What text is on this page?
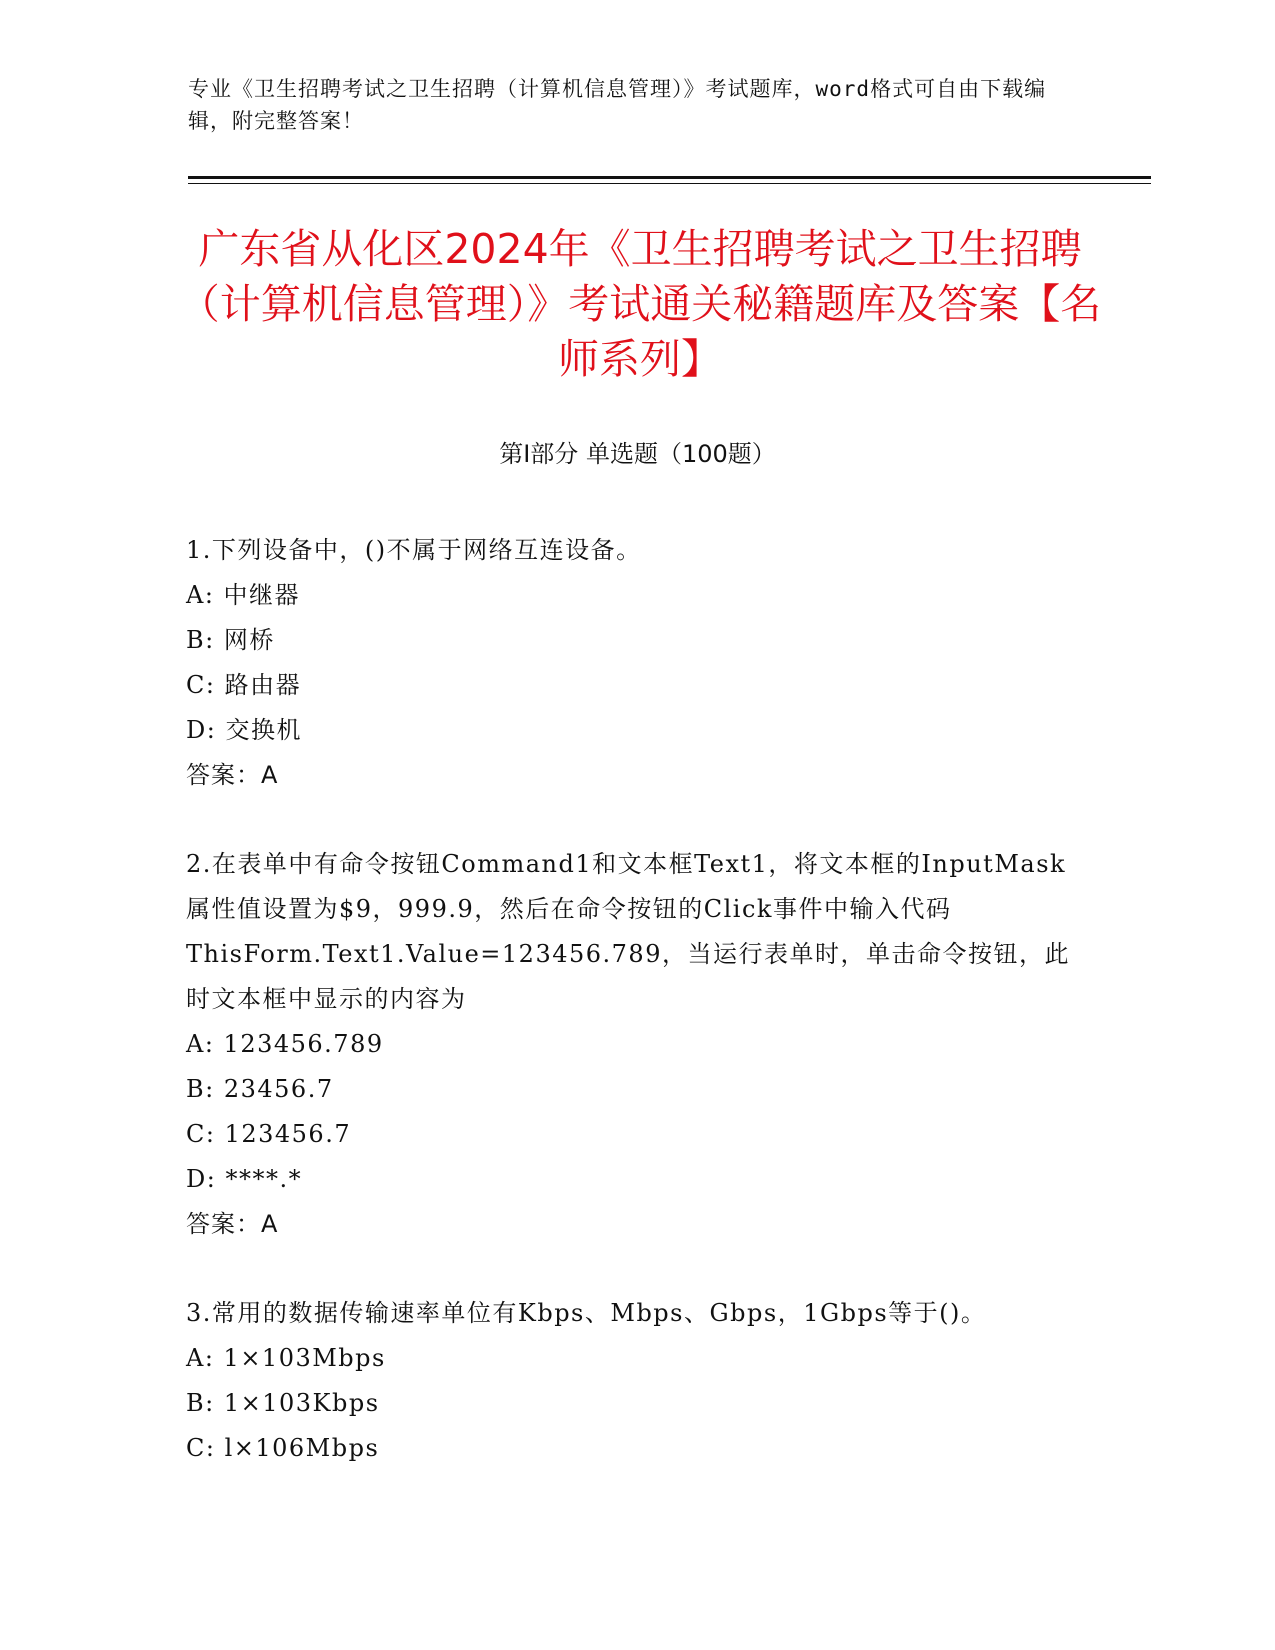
专业《卫生招聘考试之卫生招聘（计算机信息管理）》考试题库，word格式可自由下载编辑，附完整答案！
广东省从化区2024年《卫生招聘考试之卫生招聘（计算机信息管理）》考试通关秘籍题库及答案【名师系列】
第I部分 单选题（100题）
1.下列设备中，()不属于网络互连设备。
A: 中继器
B: 网桥
C: 路由器
D: 交换机
答案：A
2.在表单中有命令按钮Command1和文本框Text1，将文本框的InputMask属性值设置为$9，999.9，然后在命令按钮的Click事件中输入代码ThisForm.Text1.Value=123456.789，当运行表单时，单击命令按钮，此时文本框中显示的内容为
A: 123456.789
B: 23456.7
C: 123456.7
D: ****.*
答案：A
3.常用的数据传输速率单位有Kbps、Mbps、Gbps，1Gbps等于()。
A: 1×103Mbps
B: 1×103Kbps
C: l×106Mbps
